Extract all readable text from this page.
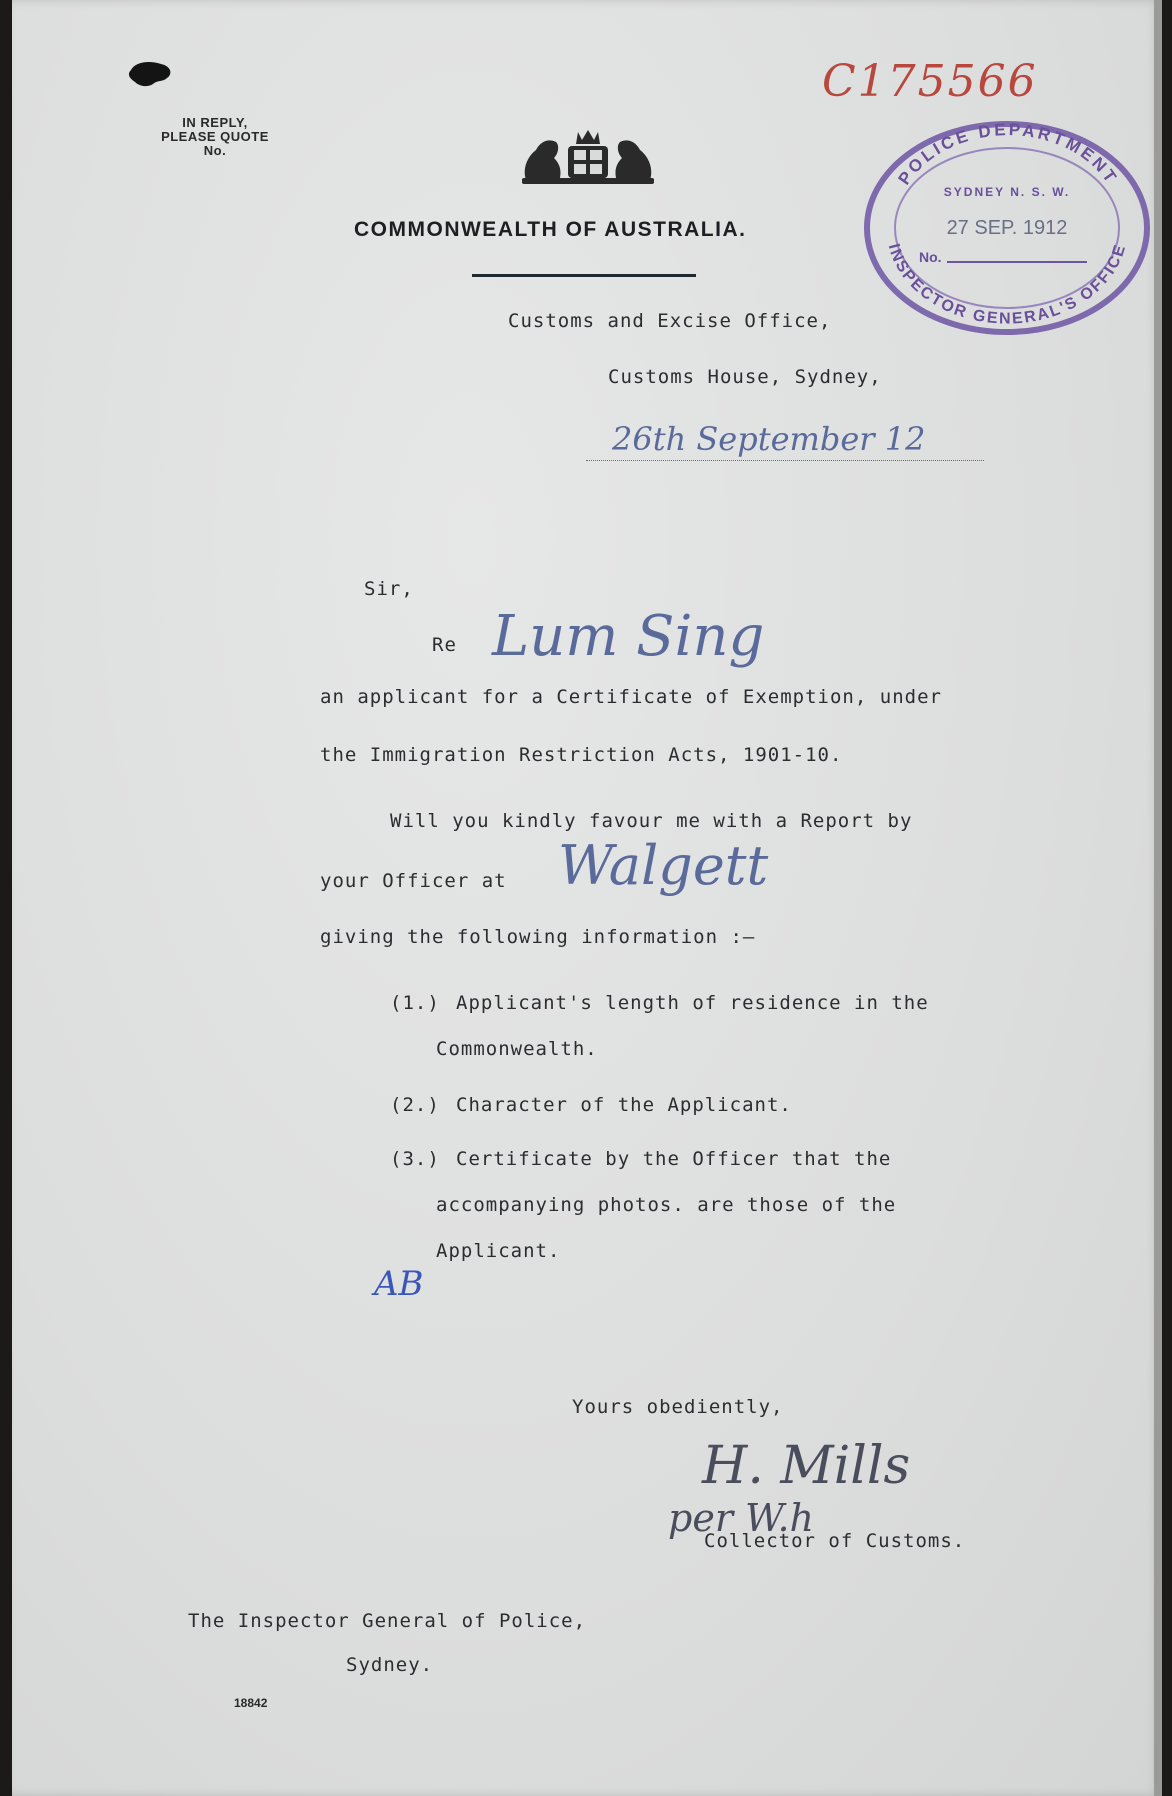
IN REPLY,
PLEASE QUOTE
No.
C175566
POLICE DEPARTMENT
SYDNEY N. S. W.
27 SEP. 1912
No.
INSPECTOR GENERAL'S OFFICE
COMMONWEALTH OF AUSTRALIA.
Customs and Excise Office,
Customs House, Sydney,
26th September 12
Sir,
Re Lum Sing
an applicant for a Certificate of Exemption, under
the Immigration Restriction Acts, 1901-10.
Will you kindly favour me with a Report by
your Officer at Walgett
giving the following information :—
(1.) Applicant's length of residence in the
Commonwealth.
(2.) Character of the Applicant.
(3.) Certificate by the Officer that the
accompanying photos. are those of the
Applicant.
AB
Yours obediently,
H. Mills
per W.h
Collector of Customs.
The Inspector General of Police,
Sydney.
18842
